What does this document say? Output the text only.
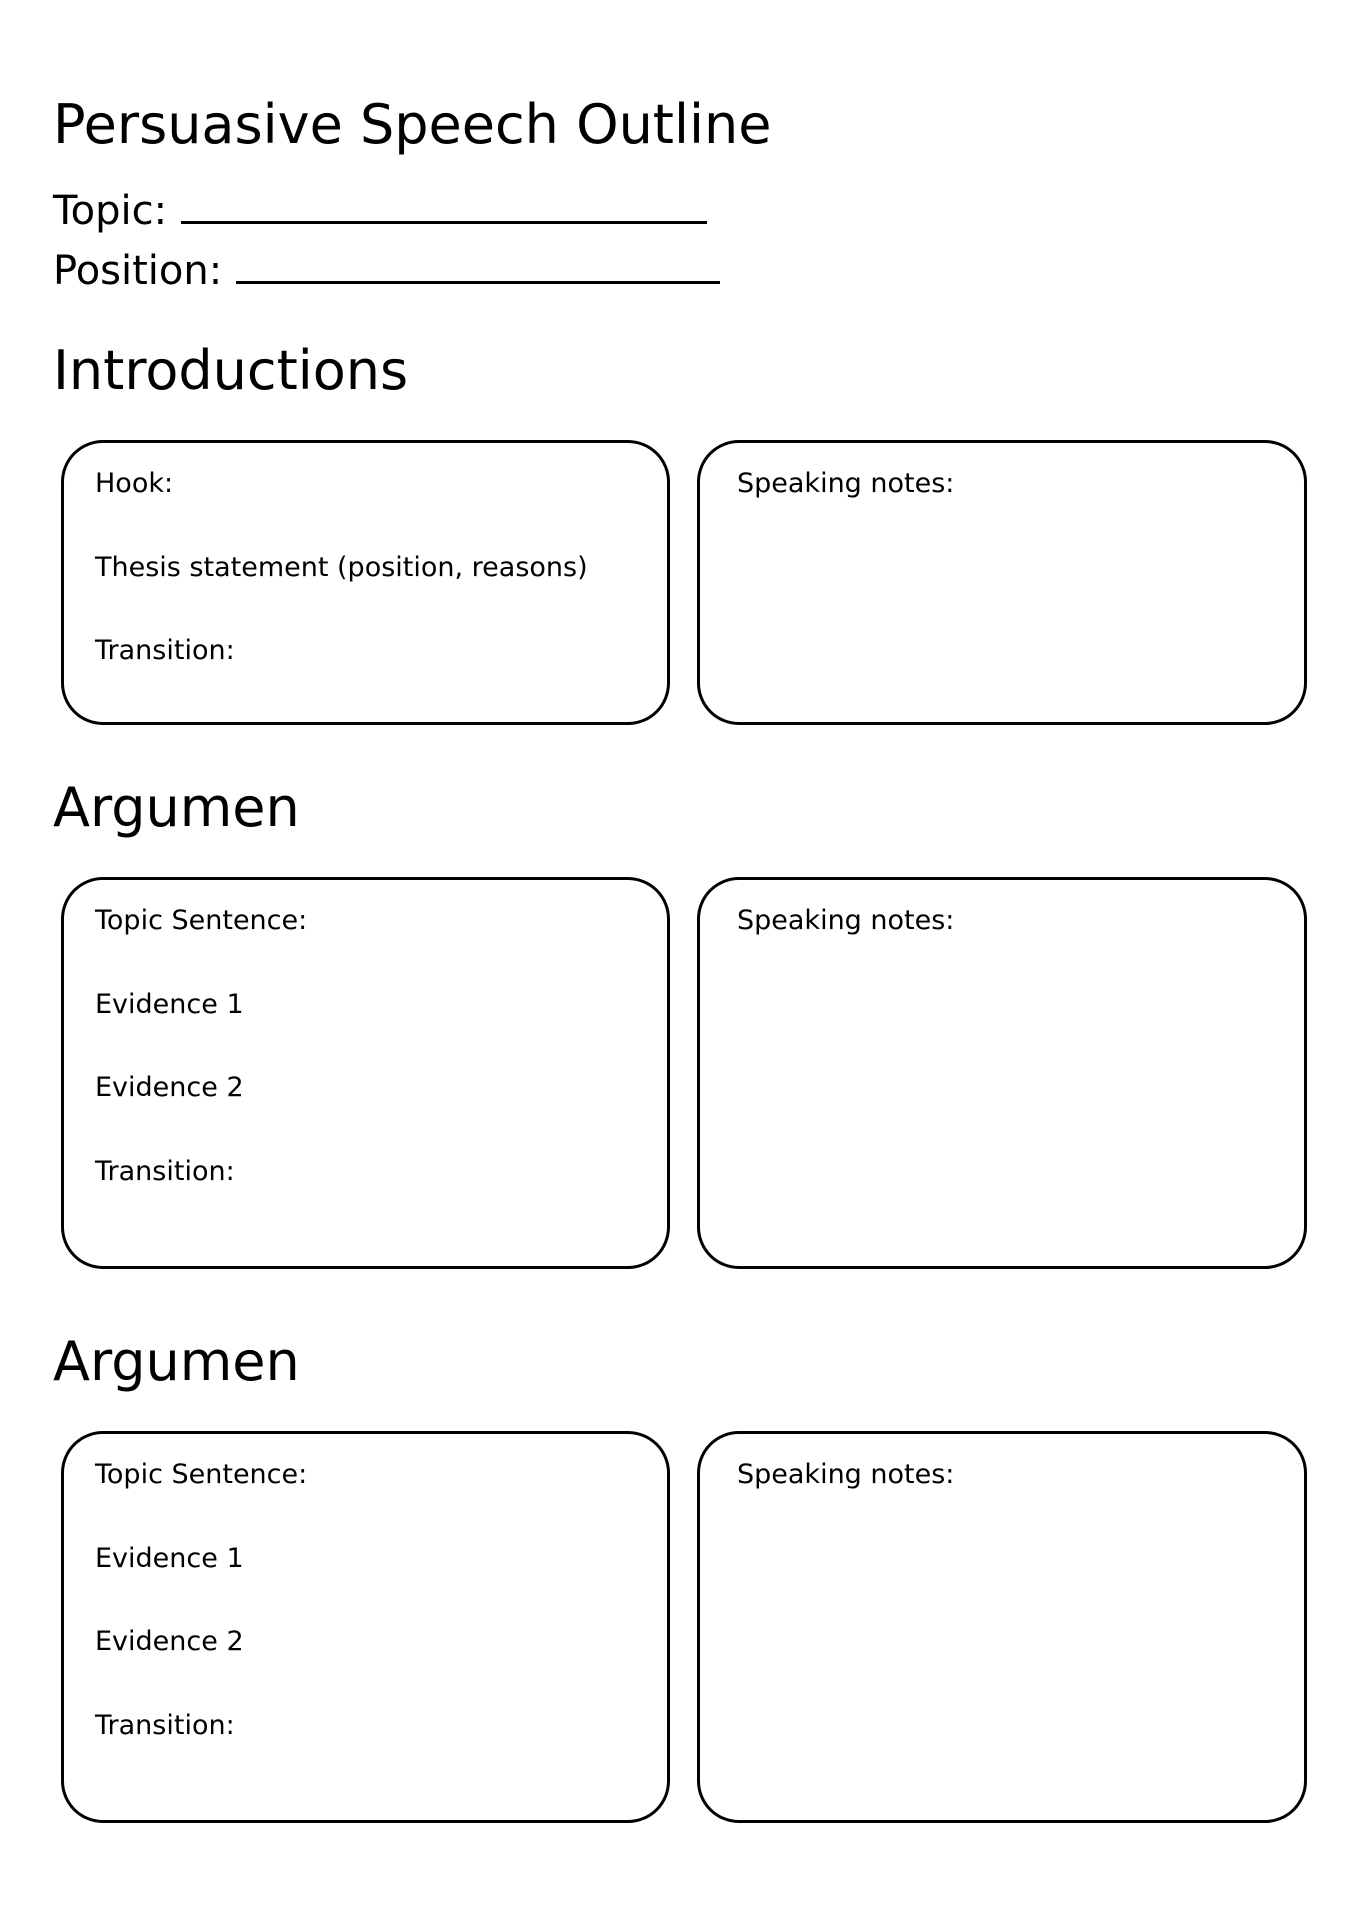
Persuasive Speech Outline
Topic:
Position:
Introductions
Hook:
Thesis statement (position, reasons)
Transition:
Speaking notes:
Argumen
Topic Sentence:
Evidence 1
Evidence 2
Transition:
Speaking notes:
Argumen
Topic Sentence:
Evidence 1
Evidence 2
Transition:
Speaking notes:
